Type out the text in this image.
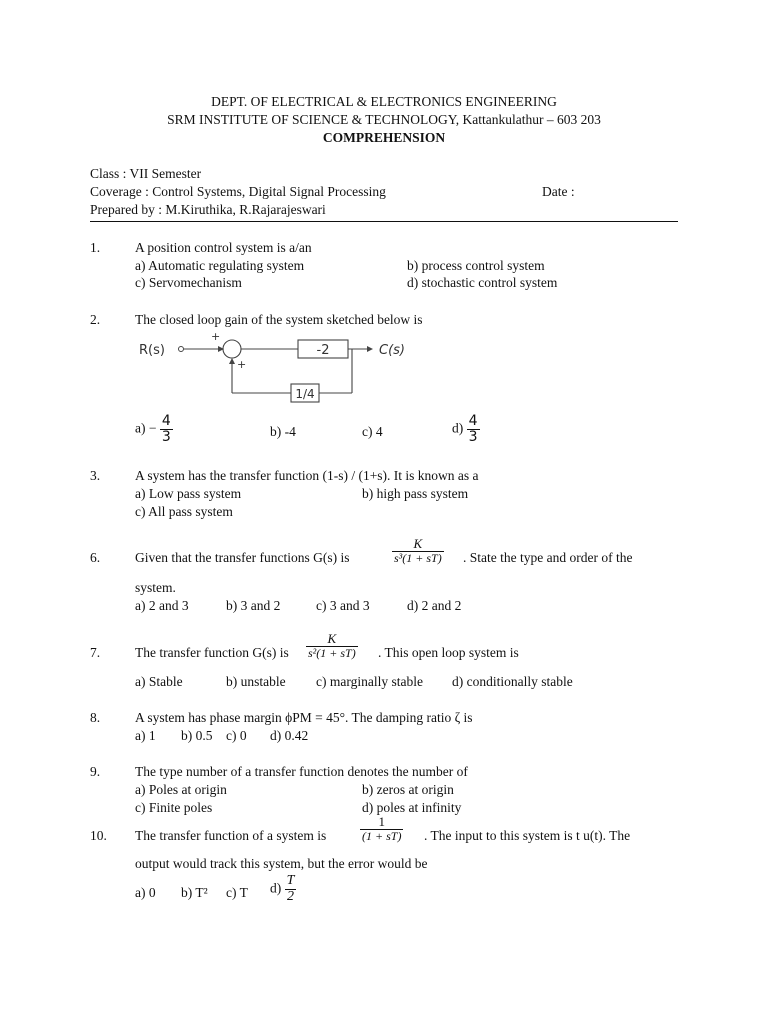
DEPT. OF ELECTRICAL & ELECTRONICS ENGINEERING
SRM INSTITUTE OF SCIENCE & TECHNOLOGY, Kattankulathur – 603 203
COMPREHENSION
Class : VII Semester
Coverage : Control Systems, Digital Signal Processing	Date :
Prepared by : M.Kiruthika, R.Rajarajeswari
1.	A position control system is a/an
a) Automatic regulating system	b) process control system
c) Servomechanism	d) stochastic control system
2.	The closed loop gain of the system sketched below is
R(s)
+
+
-2	C(s)
1/4
$a) - \frac{4}{3}$	b) -4	c) 4	$d) \frac{4}{3}$
3.	A system has the transfer function (1-s) / (1+s). It is known as a
a) Low pass system	b) high pass system
c) All pass system
6.	Given that the transfer functions G(s) is	$\frac{K}{\text{s³(1 + sT)}}$ . State the type and order of the
system.
a) 2 and 3	b) 3 and 2	c) 3 and 3	d) 2 and 2
7.	The transfer function G(s) is $\frac{K}{\text{s²(1 + sT)}}$ . This open loop system is
a) Stable	b) unstable c) marginally stable d) conditionally stable
8.	A system has phase margin ϕPM = 45°. The damping ratio ζ is
a) 1 b) 0.5 c) 0 d) 0.42
9.	The type number of a transfer function denotes the number of
a) Poles at origin	b) zeros at origin
c) Finite poles	d) poles at infinity
10. The transfer function of a system is	$\frac{1}{(1 + sT)}$ . The input to this system is t u(t). The
output would track this system, but the error would be
a) 0 b) T² c) T $d) \frac{T}{2}$
